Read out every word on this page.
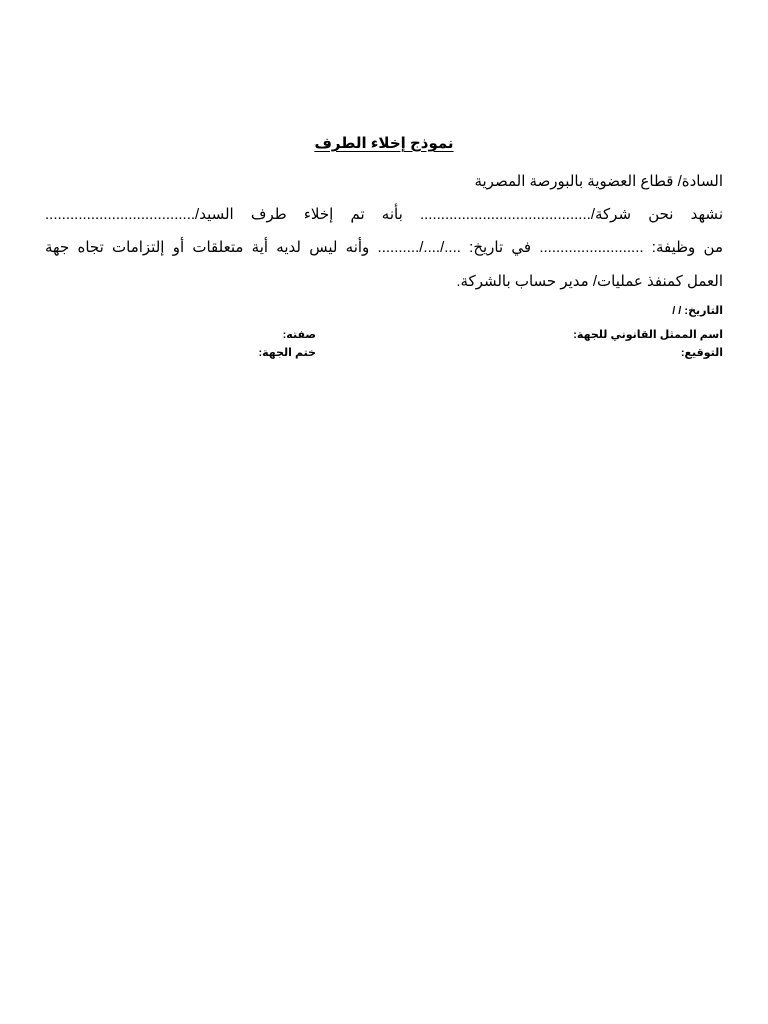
نموذج إخلاء الطرف
السادة/ قطاع العضوية بالبورصة المصرية
نشهد نحن شركة/......................................... بأنه تم إخلاء طرف السيد/....................................
من وظيفة: ......................... في تاريخ: ..../..../.......... وأنه ليس لديه أية متعلقات أو إلتزامات تجاه جهة
العمل كمنفذ عمليات/ مدير حساب بالشركة.
التاريخ: / /
اسم الممثل القانوني للجهة:
صفته:
التوقيع:
ختم الجهة:
